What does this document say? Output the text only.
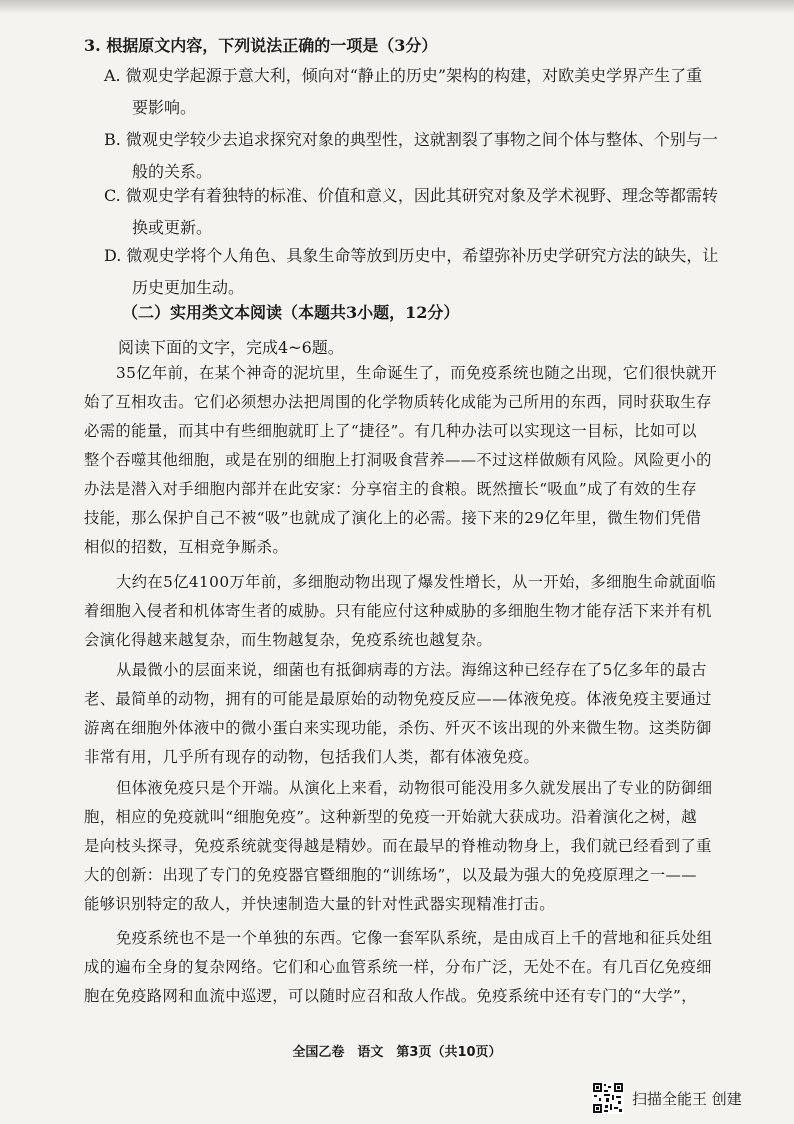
3. 根据原文内容，下列说法正确的一项是（3分）
A. 微观史学起源于意大利，倾向对“静止的历史”架构的构建，对欧美史学界产生了重
要影响。
B. 微观史学较少去追求探究对象的典型性，这就割裂了事物之间个体与整体、个别与一
般的关系。
C. 微观史学有着独特的标准、价值和意义，因此其研究对象及学术视野、理念等都需转
换或更新。
D. 微观史学将个人角色、具象生命等放到历史中，希望弥补历史学研究方法的缺失，让
历史更加生动。
（二）实用类文本阅读（本题共3小题，12分）
阅读下面的文字，完成4~6题。
35亿年前，在某个神奇的泥坑里，生命诞生了，而免疫系统也随之出现，它们很快就开
始了互相攻击。它们必须想办法把周围的化学物质转化成能为己所用的东西，同时获取生存
必需的能量，而其中有些细胞就盯上了“捷径”。有几种办法可以实现这一目标，比如可以
整个吞噬其他细胞，或是在别的细胞上打洞吸食营养——不过这样做颇有风险。风险更小的
办法是潜入对手细胞内部并在此安家：分享宿主的食粮。既然擅长“吸血”成了有效的生存
技能，那么保护自己不被“吸”也就成了演化上的必需。接下来的29亿年里，微生物们凭借
相似的招数，互相竞争厮杀。
大约在5亿4100万年前，多细胞动物出现了爆发性增长，从一开始，多细胞生命就面临
着细胞入侵者和机体寄生者的威胁。只有能应付这种威胁的多细胞生物才能存活下来并有机
会演化得越来越复杂，而生物越复杂，免疫系统也越复杂。
从最微小的层面来说，细菌也有抵御病毒的方法。海绵这种已经存在了5亿多年的最古
老、最简单的动物，拥有的可能是最原始的动物免疫反应——体液免疫。体液免疫主要通过
游离在细胞外体液中的微小蛋白来实现功能，杀伤、歼灭不该出现的外来微生物。这类防御
非常有用，几乎所有现存的动物，包括我们人类，都有体液免疫。
但体液免疫只是个开端。从演化上来看，动物很可能没用多久就发展出了专业的防御细
胞，相应的免疫就叫“细胞免疫”。这种新型的免疫一开始就大获成功。沿着演化之树，越
是向枝头探寻，免疫系统就变得越是精妙。而在最早的脊椎动物身上，我们就已经看到了重
大的创新：出现了专门的免疫器官暨细胞的“训练场”，以及最为强大的免疫原理之一——
能够识别特定的敌人，并快速制造大量的针对性武器实现精准打击。
免疫系统也不是一个单独的东西。它像一套军队系统，是由成百上千的营地和征兵处组
成的遍布全身的复杂网络。它们和心血管系统一样，分布广泛，无处不在。有几百亿免疫细
胞在免疫路网和血流中巡逻，可以随时应召和敌人作战。免疫系统中还有专门的“大学”，
全国乙卷　语文　第3页（共10页）
扫描全能王 创建
